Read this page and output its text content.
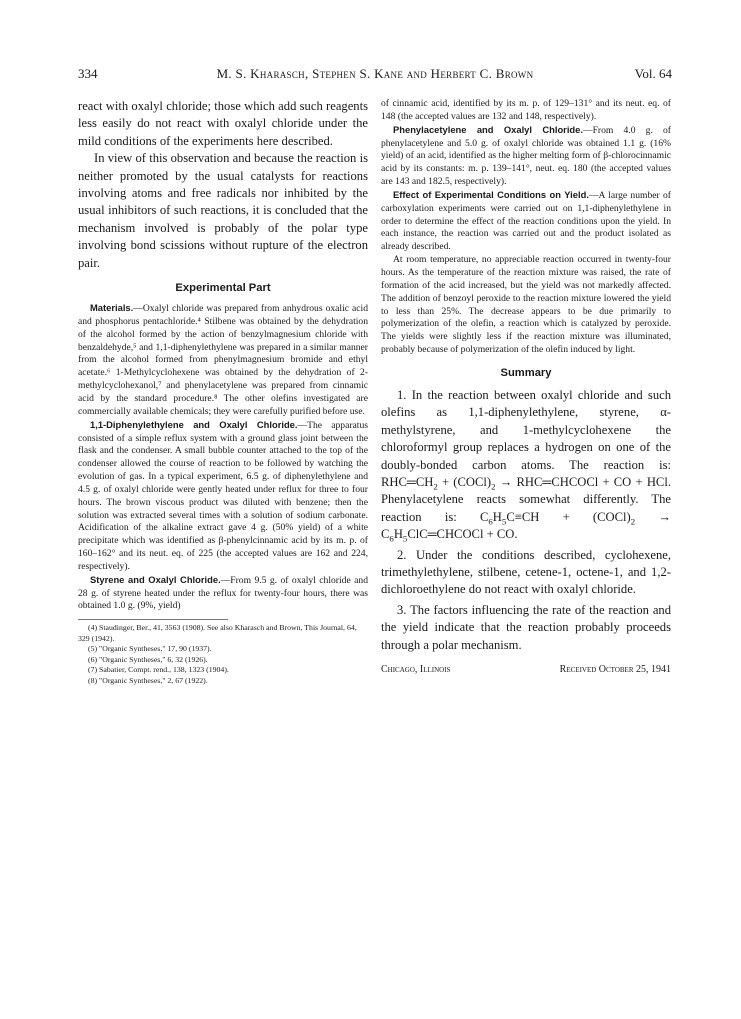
334	M. S. Kharasch, Stephen S. Kane and Herbert C. Brown	Vol. 64

react with oxalyl chloride; those which add such reagents less easily do not react with oxalyl chloride under the mild conditions of the experiments here described.

In view of this observation and because the reaction is neither promoted by the usual catalysts for reactions involving atoms and free radicals nor inhibited by the usual inhibitors of such reactions, it is concluded that the mechanism involved is probably of the polar type involving bond scissions without rupture of the electron pair.

Experimental Part

Materials.—Oxalyl chloride was prepared from anhydrous oxalic acid and phosphorus pentachloride.⁴ Stilbene was obtained by the dehydration of the alcohol formed by the action of benzylmagnesium chloride with benzaldehyde,⁵ and 1,1-diphenylethylene was prepared in a similar manner from the alcohol formed from phenylmagnesium bromide and ethyl acetate.⁶ 1-Methylcyclohexene was obtained by the dehydration of 2-methylcyclohexanol,⁷ and phenylacetylene was prepared from cinnamic acid by the standard procedure.⁸ The other olefins investigated are commercially available chemicals; they were carefully purified before use.

1,1-Diphenylethylene and Oxalyl Chloride.—The apparatus consisted of a simple reflux system with a ground glass joint between the flask and the condenser. A small bubble counter attached to the top of the condenser allowed the course of reaction to be followed by watching the evolution of gas. In a typical experiment, 6.5 g. of diphenylethylene and 4.5 g. of oxalyl chloride were gently heated under reflux for three to four hours. The brown viscous product was diluted with benzene; then the solution was extracted several times with a solution of sodium carbonate. Acidification of the alkaline extract gave 4 g. (50% yield) of a white precipitate which was identified as β-phenylcinnamic acid by its m. p. of 160–162° and its neut. eq. of 225 (the accepted values are 162 and 224, respectively).

Styrene and Oxalyl Chloride.—From 9.5 g. of oxalyl chloride and 28 g. of styrene heated under the reflux for twenty-four hours, there was obtained 1.0 g. (9%, yield)

(4) Staudinger, Ber., 41, 3563 (1908). See also Kharasch and Brown, This Journal, 64, 329 (1942).

(5) "Organic Syntheses," 17, 90 (1937).

(6) "Organic Syntheses," 6, 32 (1926).

(7) Sabatier, Compt. rend., 138, 1323 (1904).

(8) "Organic Syntheses," 2, 67 (1922).

of cinnamic acid, identified by its m. p. of 129–131° and its neut. eq. of 148 (the accepted values are 132 and 148, respectively).

Phenylacetylene and Oxalyl Chloride.—From 4.0 g. of phenylacetylene and 5.0 g. of oxalyl chloride was obtained 1.1 g. (16% yield) of an acid, identified as the higher melting form of β-chlorocinnamic acid by its constants: m. p. 139–141°, neut. eq. 180 (the accepted values are 143 and 182.5, respectively).

Effect of Experimental Conditions on Yield.—A large number of carboxylation experiments were carried out on 1,1-diphenylethylene in order to determine the effect of the reaction conditions upon the yield. In each instance, the reaction was carried out and the product isolated as already described.

At room temperature, no appreciable reaction occurred in twenty-four hours. As the temperature of the reaction mixture was raised, the rate of formation of the acid increased, but the yield was not markedly affected. The addition of benzoyl peroxide to the reaction mixture lowered the yield to less than 25%. The decrease appears to be due primarily to polymerization of the olefin, a reaction which is catalyzed by peroxide. The yields were slightly less if the reaction mixture was illuminated, probably because of polymerization of the olefin induced by light.

Summary

1. In the reaction between oxalyl chloride and such olefins as 1,1-diphenylethylene, styrene, α-methylstyrene, and 1-methylcyclohexene the chloroformyl group replaces a hydrogen on one of the doubly-bonded carbon atoms. The reaction is: $RHC═CH_2$ + $(COCl)_2$ → RHC═CHCOCl + CO + HCl. Phenylacetylene reacts somewhat differently. The reaction is: $C_6H_5C\equiv CH$ + $(COCl)_2$ → $C_6H_5ClC═CHCOCl$ + CO.

2. Under the conditions described, cyclohexene, trimethylethylene, stilbene, cetene-1, octene-1, and 1,2-dichloroethylene do not react with oxalyl chloride.

3. The factors influencing the rate of the reaction and the yield indicate that the reaction probably proceeds through a polar mechanism.

Chicago, Illinois	Received October 25, 1941
